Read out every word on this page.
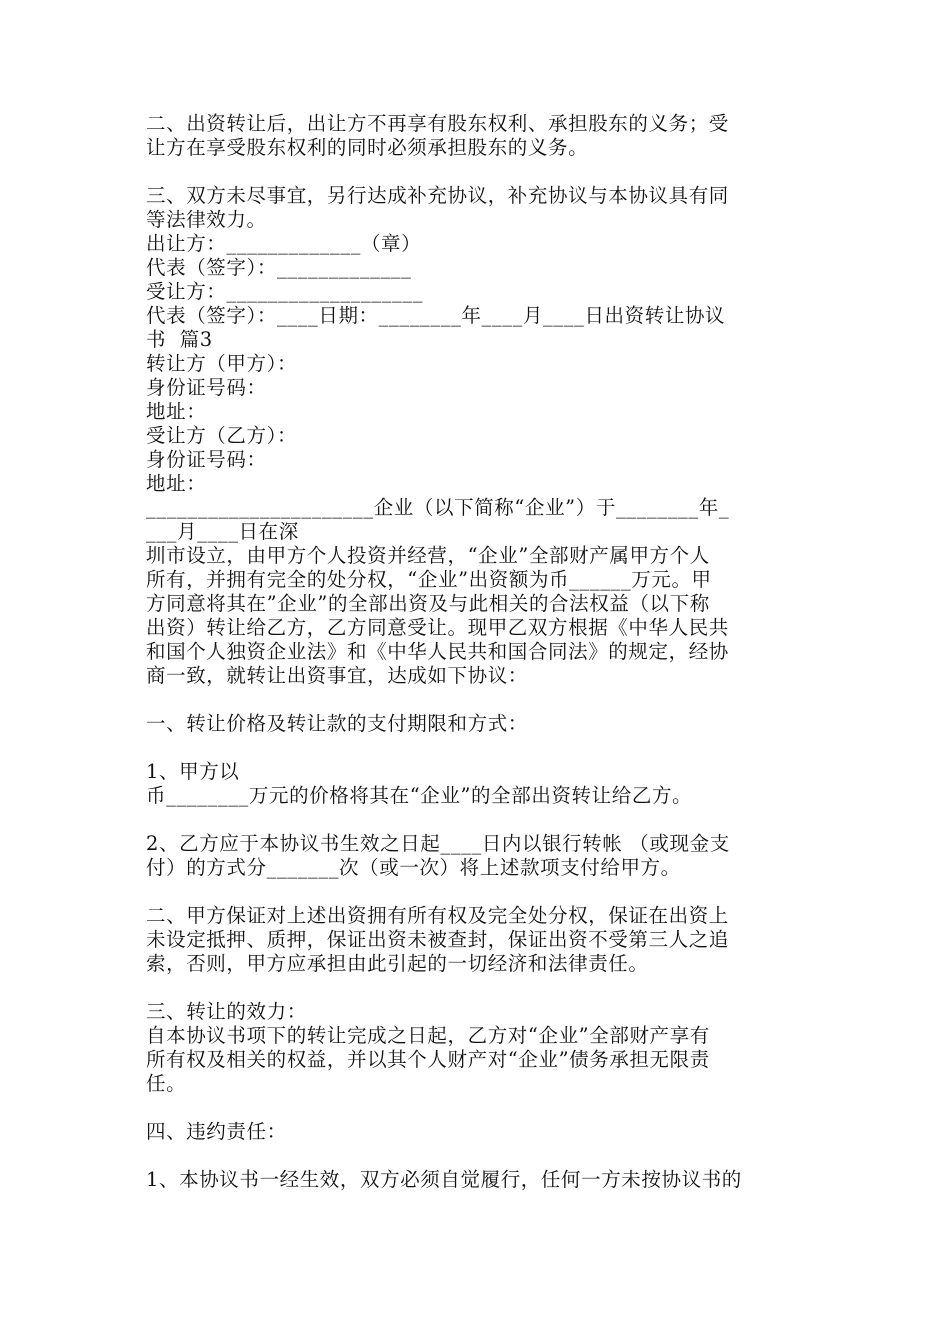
二、出资转让后，出让方不再享有股东权利、承担股东的义务；受
让方在享受股东权利的同时必须承担股东的义务。
三、双方未尽事宜，另行达成补充协议，补充协议与本协议具有同
等法律效力。
出让方：_____________（章）
代表（签字）：_____________
受让方：___________________
代表（签字）：____日期：________年____月____日出资转让协议
书  篇3
转让方（甲方）：
身份证号码：
地址：
受让方（乙方）：
身份证号码：
地址：
______________________企业（以下简称“企业”）于________年_
___月____日在深
圳市设立，由甲方个人投资并经营，“企业”全部财产属甲方个人
所有，并拥有完全的处分权，“企业”出资额为币______万元。甲
方同意将其在”企业”的全部出资及与此相关的合法权益（以下称
出资）转让给乙方，乙方同意受让。现甲乙双方根据《中华人民共
和国个人独资企业法》和《中华人民共和国合同法》的规定，经协
商一致，就转让出资事宜，达成如下协议：
一、转让价格及转让款的支付期限和方式：
1、甲方以
币________万元的价格将其在“企业”的全部出资转让给乙方。
2、乙方应于本协议书生效之日起____日内以银行转帐 （或现金支
付）的方式分_______次（或一次）将上述款项支付给甲方。
二、甲方保证对上述出资拥有所有权及完全处分权，保证在出资上
未设定抵押、质押，保证出资未被查封，保证出资不受第三人之追
索，否则，甲方应承担由此引起的一切经济和法律责任。
三、转让的效力：
自本协议书项下的转让完成之日起，乙方对“企业”全部财产享有
所有权及相关的权益，并以其个人财产对“企业”债务承担无限责
任。
四、违约责任：
1、本协议书一经生效，双方必须自觉履行，任何一方未按协议书的
